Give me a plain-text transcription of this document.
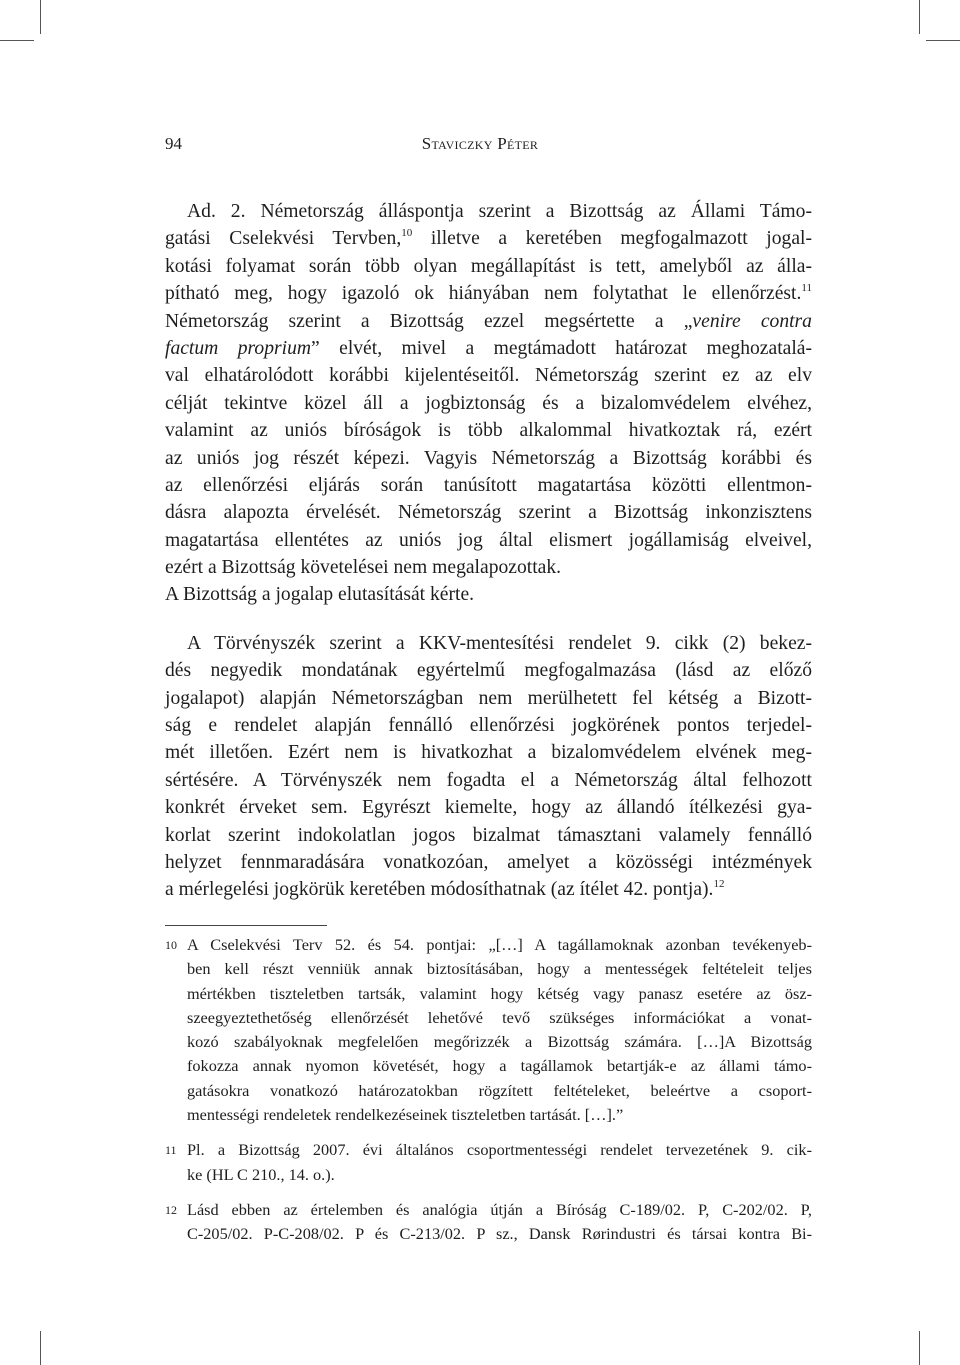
94	Staviczky Péter
Ad. 2. Németország álláspontja szerint a Bizottság az Állami Támo-
gatási Cselekvési Tervben,$^{10}$ illetve a keretében megfogalmazott jogal-
kotási folyamat során több olyan megállapítást is tett, amelyből az álla-
pítható meg, hogy igazoló ok hiányában nem folytathat le ellenőrzést.$^{11}$
Németország szerint a Bizottság ezzel megsértette a „venire contra
factum proprium” elvét, mivel a megtámadott határozat meghozatalá-
val elhatárolódott korábbi kijelentéseitől. Németország szerint ez az elv
célját tekintve közel áll a jogbiztonság és a bizalomvédelem elvéhez,
valamint az uniós bíróságok is több alkalommal hivatkoztak rá, ezért
az uniós jog részét képezi. Vagyis Németország a Bizottság korábbi és
az ellenőrzési eljárás során tanúsított magatartása közötti ellentmon-
dásra alapozta érvelését. Németország szerint a Bizottság inkonzisztens
magatartása ellentétes az uniós jog által elismert jogállamiság elveivel,
ezért a Bizottság követelései nem megalapozottak.
A Bizottság a jogalap elutasítását kérte.
A Törvényszék szerint a KKV-mentesítési rendelet 9. cikk (2) bekez-
dés negyedik mondatának egyértelmű megfogalmazása (lásd az előző
jogalapot) alapján Németországban nem merülhetett fel kétség a Bizott-
ság e rendelet alapján fennálló ellenőrzési jogkörének pontos terjedel-
mét illetően. Ezért nem is hivatkozhat a bizalomvédelem elvének meg-
sértésére. A Törvényszék nem fogadta el a Németország által felhozott
konkrét érveket sem. Egyrészt kiemelte, hogy az állandó ítélkezési gya-
korlat szerint indokolatlan jogos bizalmat támasztani valamely fennálló
helyzet fennmaradására vonatkozóan, amelyet a közösségi intézmények
a mérlegelési jogkörük keretében módosíthatnak (az ítélet 42. pontja).$^{12}$
10 A Cselekvési Terv 52. és 54. pontjai: „[…] A tagállamoknak azonban tevékenyeb-
ben kell részt venniük annak biztosításában, hogy a mentességek feltételeit teljes
mértékben tiszteletben tartsák, valamint hogy kétség vagy panasz esetére az ösz-
szeegyeztethetőség ellenőrzését lehetővé tevő szükséges információkat a vonat-
kozó szabályoknak megfelelően megőrizzék a Bizottság számára. […]A Bizottság
fokozza annak nyomon követését, hogy a tagállamok betartják-e az állami támo-
gatásokra vonatkozó határozatokban rögzített feltételeket, beleértve a csoport-
mentességi rendeletek rendelkezéseinek tiszteletben tartását. […].”
11 Pl. a Bizottság 2007. évi általános csoportmentességi rendelet tervezetének 9. cik-
ke (HL C 210., 14. o.).
12 Lásd ebben az értelemben és analógia útján a Bíróság C-189/02. P, C-202/02. P,
C-205/02. P-C-208/02. P és C-213/02. P sz., Dansk Rørindustri és társai kontra Bi-
